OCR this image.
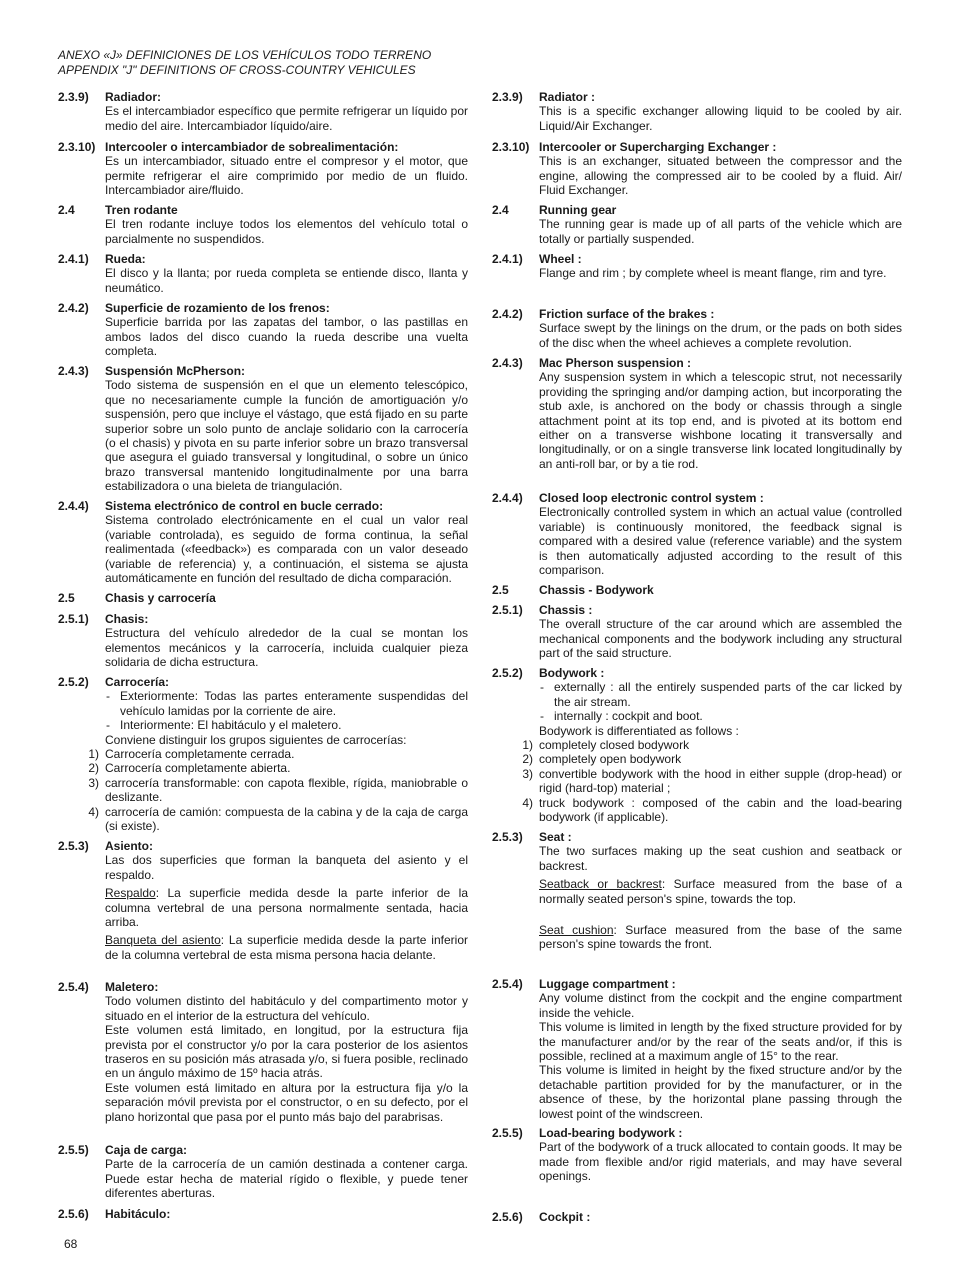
ANEXO «J» DEFINICIONES DE LOS VEHÍCULOS TODO TERRENO
APPENDIX "J" DEFINITIONS OF CROSS-COUNTRY VEHICULES
2.3.9)	Radiador:
Es el intercambiador específico que permite refrigerar un líquido por medio del aire. Intercambiador líquido/aire.
2.3.10) Intercooler o intercambiador de sobrealimentación:
Es un intercambiador, situado entre el compresor y el motor, que permite refrigerar el aire comprimido por medio de un fluido. Intercambiador aire/fluido.
2.4	Tren rodante
El tren rodante incluye todos los elementos del vehículo total o parcialmente no suspendidos.
2.4.1)	Rueda:
El disco y la llanta; por rueda completa se entiende disco, llanta y neumático.
2.4.2)	Superficie de rozamiento de los frenos:
Superficie barrida por las zapatas del tambor, o las pastillas en ambos lados del disco cuando la rueda describe una vuelta completa.
2.4.3)	Suspensión McPherson:
Todo sistema de suspensión en el que un elemento telescópico, que no necesariamente cumple la función de amortiguación y/o suspensión, pero que incluye el vástago, que está fijado en su parte superior sobre un solo punto de anclaje solidario con la carrocería (o el chasis) y pivota en su parte inferior sobre un brazo transversal que asegura el guiado transversal y longitudinal, o sobre un único brazo transversal mantenido longitudinalmente por una barra estabilizadora o una bieleta de triangulación.
2.4.4)	Sistema electrónico de control en bucle cerrado:
Sistema controlado electrónicamente en el cual un valor real (variable controlada), es seguido de forma continua, la señal realimentada («feedback») es comparada con un valor deseado (variable de referencia) y, a continuación, el sistema se ajusta automáticamente en función del resultado de dicha comparación.
2.5	Chasis y carrocería
2.5.1)	Chasis:
Estructura del vehículo alrededor de la cual se montan los elementos mecánicos y la carrocería, incluida cualquier pieza solidaria de dicha estructura.
2.5.2)	Carrocería:
- Exteriormente: Todas las partes enteramente suspendidas del vehículo lamidas por la corriente de aire.
- Interiormente: El habitáculo y el maletero.
Conviene distinguir los grupos siguientes de carrocerías:
1) Carrocería completamente cerrada.
2) Carrocería completamente abierta.
3) carrocería transformable: con capota flexible, rígida, maniobrable o deslizante.
4) carrocería de camión: compuesta de la cabina y de la caja de carga (si existe).
2.5.3)	Asiento:
Las dos superficies que forman la banqueta del asiento y el respaldo.
Respaldo: La superficie medida desde la parte inferior de la columna vertebral de una persona normalmente sentada, hacia arriba.
Banqueta del asiento: La superficie medida desde la parte inferior de la columna vertebral de esta misma persona hacia delante.
2.5.4)	Maletero:
Todo volumen distinto del habitáculo y del compartimento motor y situado en el interior de la estructura del vehículo.
Este volumen está limitado, en longitud, por la estructura fija prevista por el constructor y/o por la cara posterior de los asientos traseros en su posición más atrasada y/o, si fuera posible, reclinado en un ángulo máximo de 15º hacia atrás.
Este volumen está limitado en altura por la estructura fija y/o la separación móvil prevista por el constructor, o en su defecto, por el plano horizontal que pasa por el punto más bajo del parabrisas.
2.5.5)	Caja de carga:
Parte de la carrocería de un camión destinada a contener carga. Puede estar hecha de material rígido o flexible, y puede tener diferentes aberturas.
2.5.6)	Habitáculo:
2.3.9)	Radiator :
This is a specific exchanger allowing liquid to be cooled by air. Liquid/Air Exchanger.
2.3.10) Intercooler or Supercharging Exchanger :
This is an exchanger, situated between the compressor and the engine, allowing the compressed air to be cooled by a fluid. Air/ Fluid Exchanger.
2.4	Running gear
The running gear is made up of all parts of the vehicle which are totally or partially suspended.
2.4.1)	Wheel :
Flange and rim ; by complete wheel is meant flange, rim and tyre.
2.4.2)	Friction surface of the brakes :
Surface swept by the linings on the drum, or the pads on both sides of the disc when the wheel achieves a complete revolution.
2.4.3)	Mac Pherson suspension :
Any suspension system in which a telescopic strut, not necessarily providing the springing and/or damping action, but incorporating the stub axle, is anchored on the body or chassis through a single attachment point at its top end, and is pivoted at its bottom end either on a transverse wishbone locating it transversally and longitudinally, or on a single transverse link located longitudinally by an anti-roll bar, or by a tie rod.
2.4.4)	Closed loop electronic control system :
Electronically controlled system in which an actual value (controlled variable) is continuously monitored, the feedback signal is compared with a desired value (reference variable) and the system is then automatically adjusted according to the result of this comparison.
2.5	Chassis - Bodywork
2.5.1)	Chassis :
The overall structure of the car around which are assembled the mechanical components and the bodywork including any structural part of the said structure.
2.5.2)	Bodywork :
- externally : all the entirely suspended parts of the car licked by the air stream.
- internally : cockpit and boot.
Bodywork is differentiated as follows :
1) completely closed bodywork
2) completely open bodywork
3) convertible bodywork with the hood in either supple (drop-head) or rigid (hard-top) material ;
4) truck bodywork : composed of the cabin and the load-bearing bodywork (if applicable).
2.5.3)	Seat :
The two surfaces making up the seat cushion and seatback or backrest.
Seatback or backrest: Surface measured from the base of a normally seated person's spine, towards the top.
Seat cushion: Surface measured from the base of the same person's spine towards the front.
2.5.4)	Luggage compartment :
Any volume distinct from the cockpit and the engine compartment inside the vehicle.
This volume is limited in length by the fixed structure provided for by the manufacturer and/or by the rear of the seats and/or, if this is possible, reclined at a maximum angle of 15° to the rear.
This volume is limited in height by the fixed structure and/or by the detachable partition provided for by the manufacturer, or in the absence of these, by the horizontal plane passing through the lowest point of the windscreen.
2.5.5)	Load-bearing bodywork :
Part of the bodywork of a truck allocated to contain goods. It may be made from flexible and/or rigid materials, and may have several openings.
2.5.6)	Cockpit :
68
